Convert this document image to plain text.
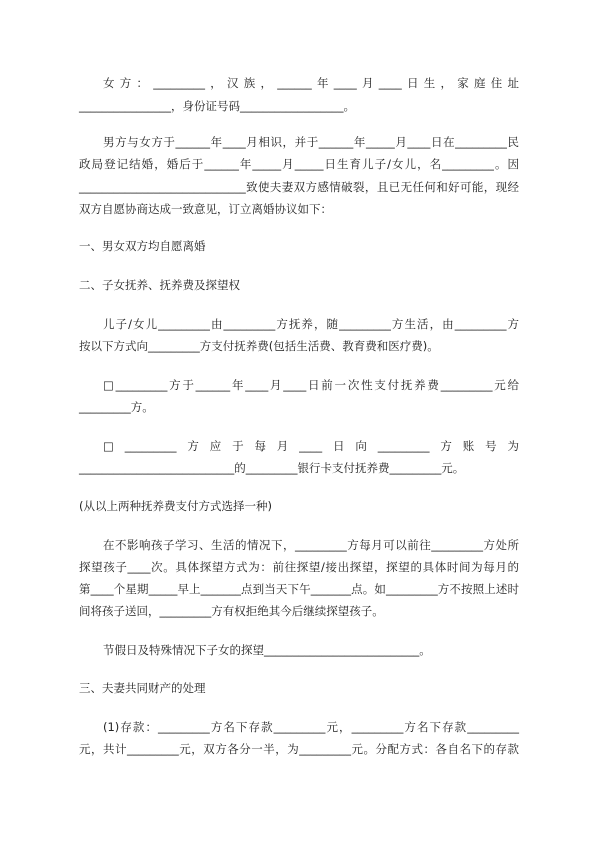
女方：_________，汉族，______年____月____日生，家庭住址
________________，身份证号码__________________。
男方与女方于______年____月相识，并于______年_____月____日在_________民
政局登记结婚，婚后于______年_____月_____日生育儿子/女儿，名_________。因
_____________________________致使夫妻双方感情破裂，且已无任何和好可能，现经
双方自愿协商达成一致意见，订立离婚协议如下：
一、男女双方均自愿离婚
二、子女抚养、抚养费及探望权
儿子/女儿_________由_________方抚养，随_________方生活，由_________方
按以下方式向_________方支付抚养费(包括生活费、教育费和医疗费)。
□_________方于______年____月____日前一次性支付抚养费_________元给
_________方。
□_________方应于每月____日向_________方账号为
___________________________的_________银行卡支付抚养费_________元。
(从以上两种抚养费支付方式选择一种)
在不影响孩子学习、生活的情况下，_________方每月可以前往_________方处所
探望孩子____次。具体探望方式为：前往探望/接出探望，探望的具体时间为每月的
第____个星期_____早上_______点到当天下午_______点。如_________方不按照上述时
间将孩子送回，_________方有权拒绝其今后继续探望孩子。
节假日及特殊情况下子女的探望___________________________。
三、夫妻共同财产的处理
(1)存款：_________方名下存款_________元，_________方名下存款_________
元，共计_________元，双方各分一半，为_________元。分配方式：各自名下的存款
